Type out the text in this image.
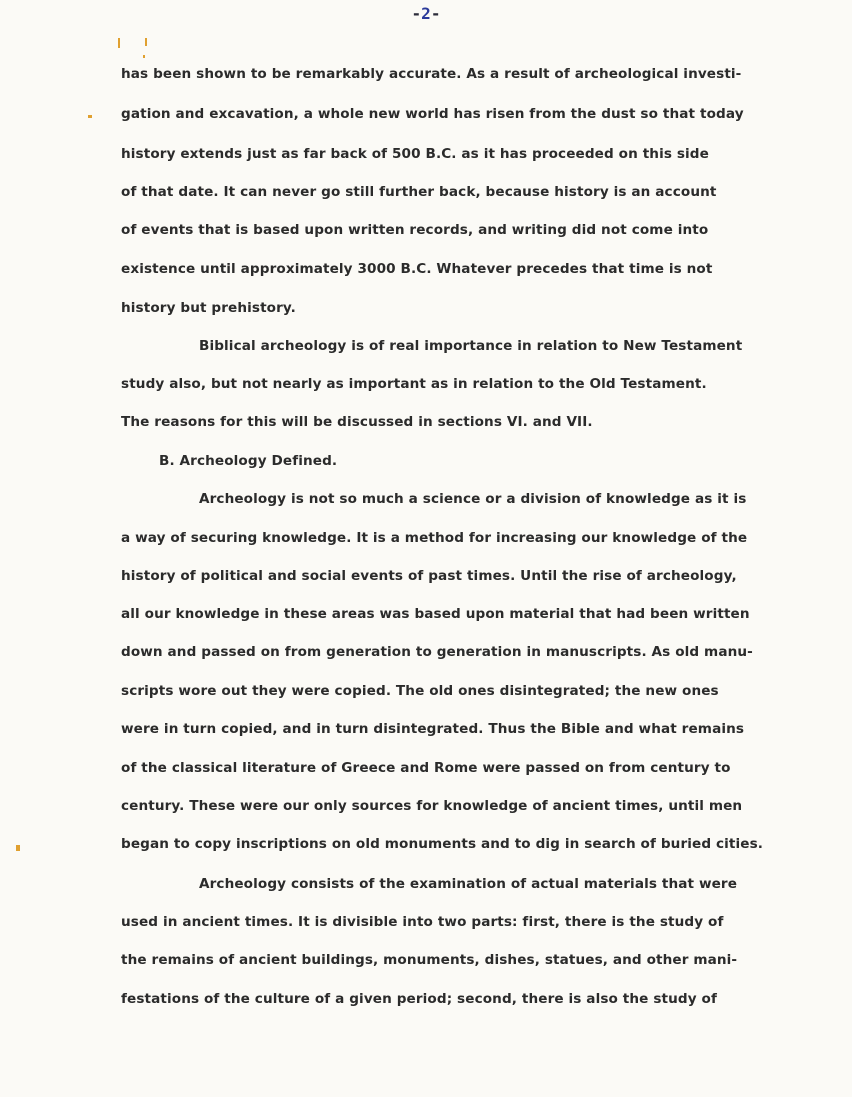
-2-
has been shown to be remarkably accurate. As a result of archeological investi-
gation and excavation, a whole new world has risen from the dust so that today
history extends just as far back of 500 B.C. as it has proceeded on this side
of that date. It can never go still further back, because history is an account
of events that is based upon written records, and writing did not come into
existence until approximately 3000 B.C. Whatever precedes that time is not
history but prehistory.
Biblical archeology is of real importance in relation to New Testament
study also, but not nearly as important as in relation to the Old Testament.
The reasons for this will be discussed in sections VI. and VII.
B. Archeology Defined.
Archeology is not so much a science or a division of knowledge as it is
a way of securing knowledge. It is a method for increasing our knowledge of the
history of political and social events of past times. Until the rise of archeology,
all our knowledge in these areas was based upon material that had been written
down and passed on from generation to generation in manuscripts. As old manu-
scripts wore out they were copied. The old ones disintegrated; the new ones
were in turn copied, and in turn disintegrated. Thus the Bible and what remains
of the classical literature of Greece and Rome were passed on from century to
century. These were our only sources for knowledge of ancient times, until men
began to copy inscriptions on old monuments and to dig in search of buried cities.
Archeology consists of the examination of actual materials that were
used in ancient times. It is divisible into two parts: first, there is the study of
the remains of ancient buildings, monuments, dishes, statues, and other mani-
festations of the culture of a given period; second, there is also the study of
